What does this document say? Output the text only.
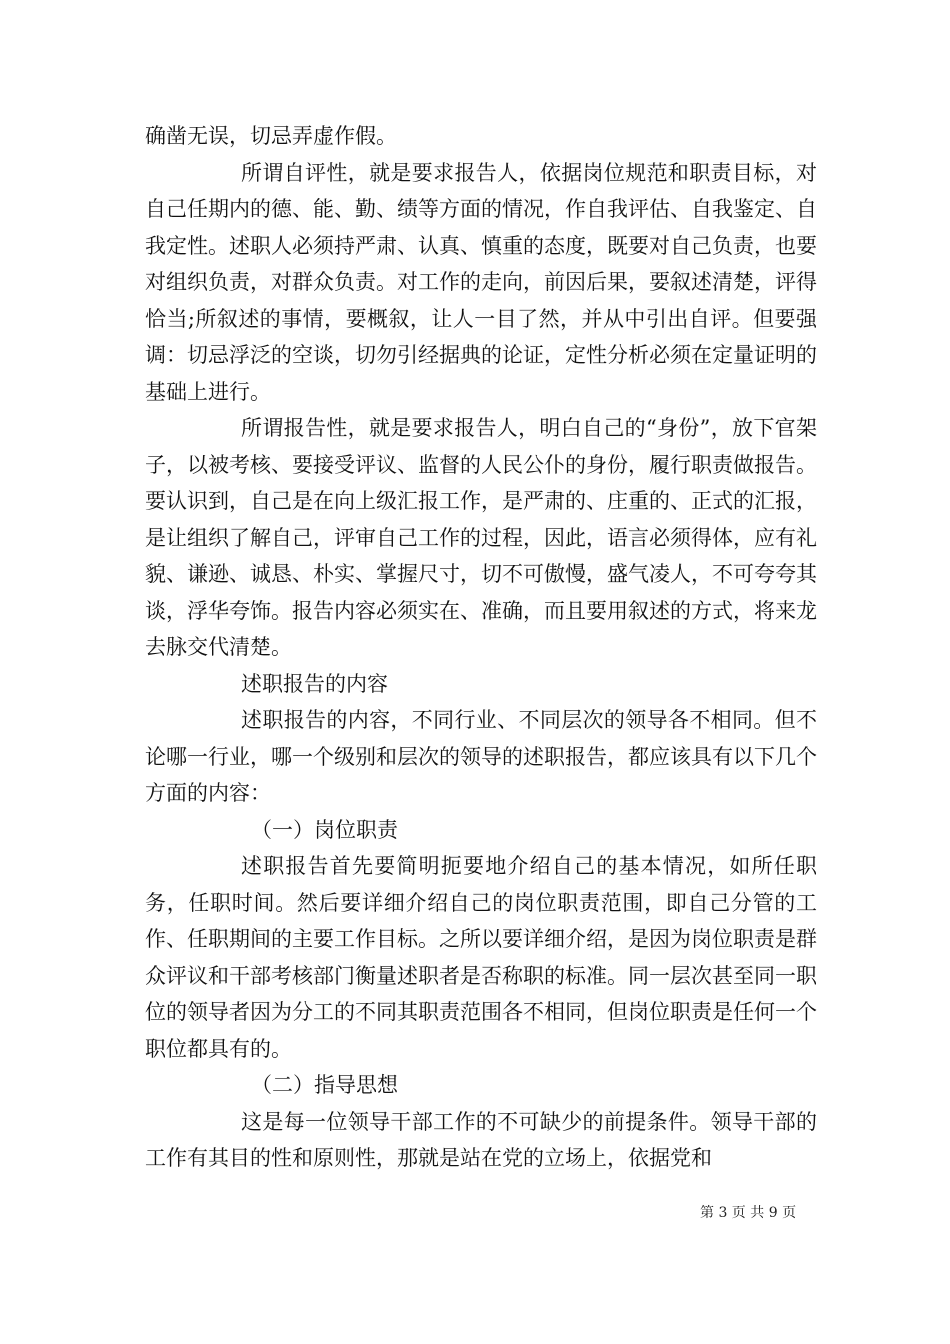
确凿无误，切忌弄虚作假。

所谓自评性，就是要求报告人，依据岗位规范和职责目标，对自己任期内的德、能、勤、绩等方面的情况，作自我评估、自我鉴定、自我定性。述职人必须持严肃、认真、慎重的态度，既要对自己负责，也要对组织负责，对群众负责。对工作的走向，前因后果，要叙述清楚，评得恰当;所叙述的事情，要概叙，让人一目了然，并从中引出自评。但要强调：切忌浮泛的空谈，切勿引经据典的论证，定性分析必须在定量证明的基础上进行。

所谓报告性，就是要求报告人，明白自己的“身份”，放下官架子，以被考核、要接受评议、监督的人民公仆的身份，履行职责做报告。要认识到，自己是在向上级汇报工作，是严肃的、庄重的、正式的汇报，是让组织了解自己，评审自己工作的过程，因此，语言必须得体，应有礼貌、谦逊、诚恳、朴实、掌握尺寸，切不可傲慢，盛气凌人，不可夸夸其谈，浮华夸饰。报告内容必须实在、准确，而且要用叙述的方式，将来龙去脉交代清楚。

述职报告的内容

述职报告的内容，不同行业、不同层次的领导各不相同。但不论哪一行业，哪一个级别和层次的领导的述职报告，都应该具有以下几个方面的内容：

（一）岗位职责

述职报告首先要简明扼要地介绍自己的基本情况，如所任职务，任职时间。然后要详细介绍自己的岗位职责范围，即自己分管的工作、任职期间的主要工作目标。之所以要详细介绍，是因为岗位职责是群众评议和干部考核部门衡量述职者是否称职的标准。同一层次甚至同一职位的领导者因为分工的不同其职责范围各不相同，但岗位职责是任何一个职位都具有的。

（二）指导思想

这是每一位领导干部工作的不可缺少的前提条件。领导干部的工作有其目的性和原则性，那就是站在党的立场上，依据党和

第 3 页 共 9 页
